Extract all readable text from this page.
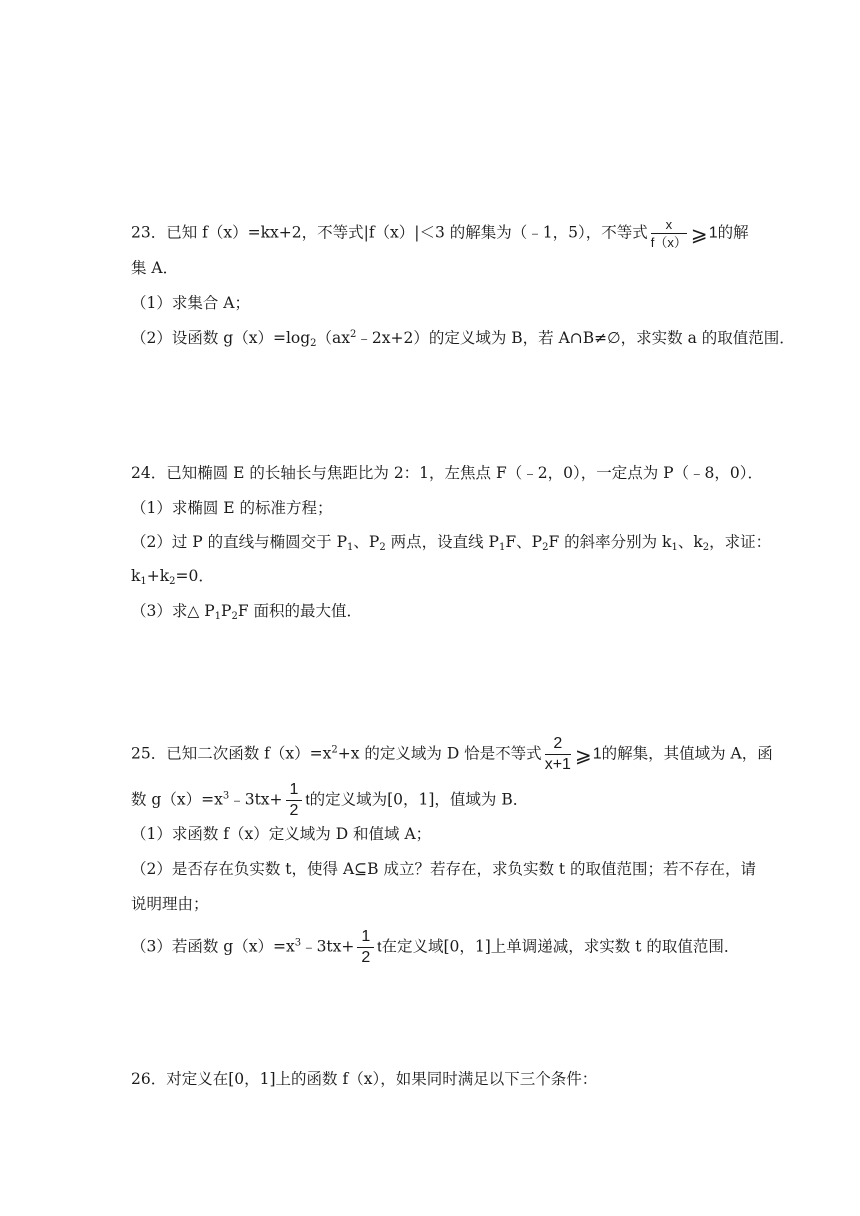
23．已知 f（x）=kx+2，不等式|f（x）|＜3 的解集为（﹣1，5），不等式 $\frac{x}{f(x)}$ ⩾1的解
集 A．
（1）求集合 A；
（2）设函数 $g(x)=\log_2(ax^2﹣2x+2)$的定义域为 B，若 A∩B≠∅，求实数 a 的取值范围．
24．已知椭圆 E 的长轴长与焦距比为 2：1，左焦点 F（﹣2，0），一定点为 P（﹣8，0）．
（1）求椭圆 E 的标准方程；
（2）过 P 的直线与椭圆交于 $P_1$、$P_2$ 两点，设直线 $P_1F$、$P_2F$ 的斜率分别为 $k_1$、$k_2$，求证：
$k_1+k_2=0$．
（3）求△ $P_1P_2F$ 面积的最大值．
25．已知二次函数 $f(x)=x^2+x$ 的定义域为 D 恰是不等式 $\frac{2}{x+1}$ ⩾1的解集，其值域为 A，函
数 $g(x)=x^3﹣3tx+ \frac{1}{2}$ t的定义域为[0，1]，值域为 B．
（1）求函数 f（x）定义域为 D 和值域 A；
（2）是否存在负实数 t，使得 A⊆B 成立？若存在，求负实数 t 的取值范围；若不存在，请
说明理由；
（3）若函数 $g(x)=x^3﹣3tx+ \frac{1}{2}$ t在定义域[0，1]上单调递减，求实数 t 的取值范围．
26．对定义在[0，1]上的函数 f（x），如果同时满足以下三个条件：
